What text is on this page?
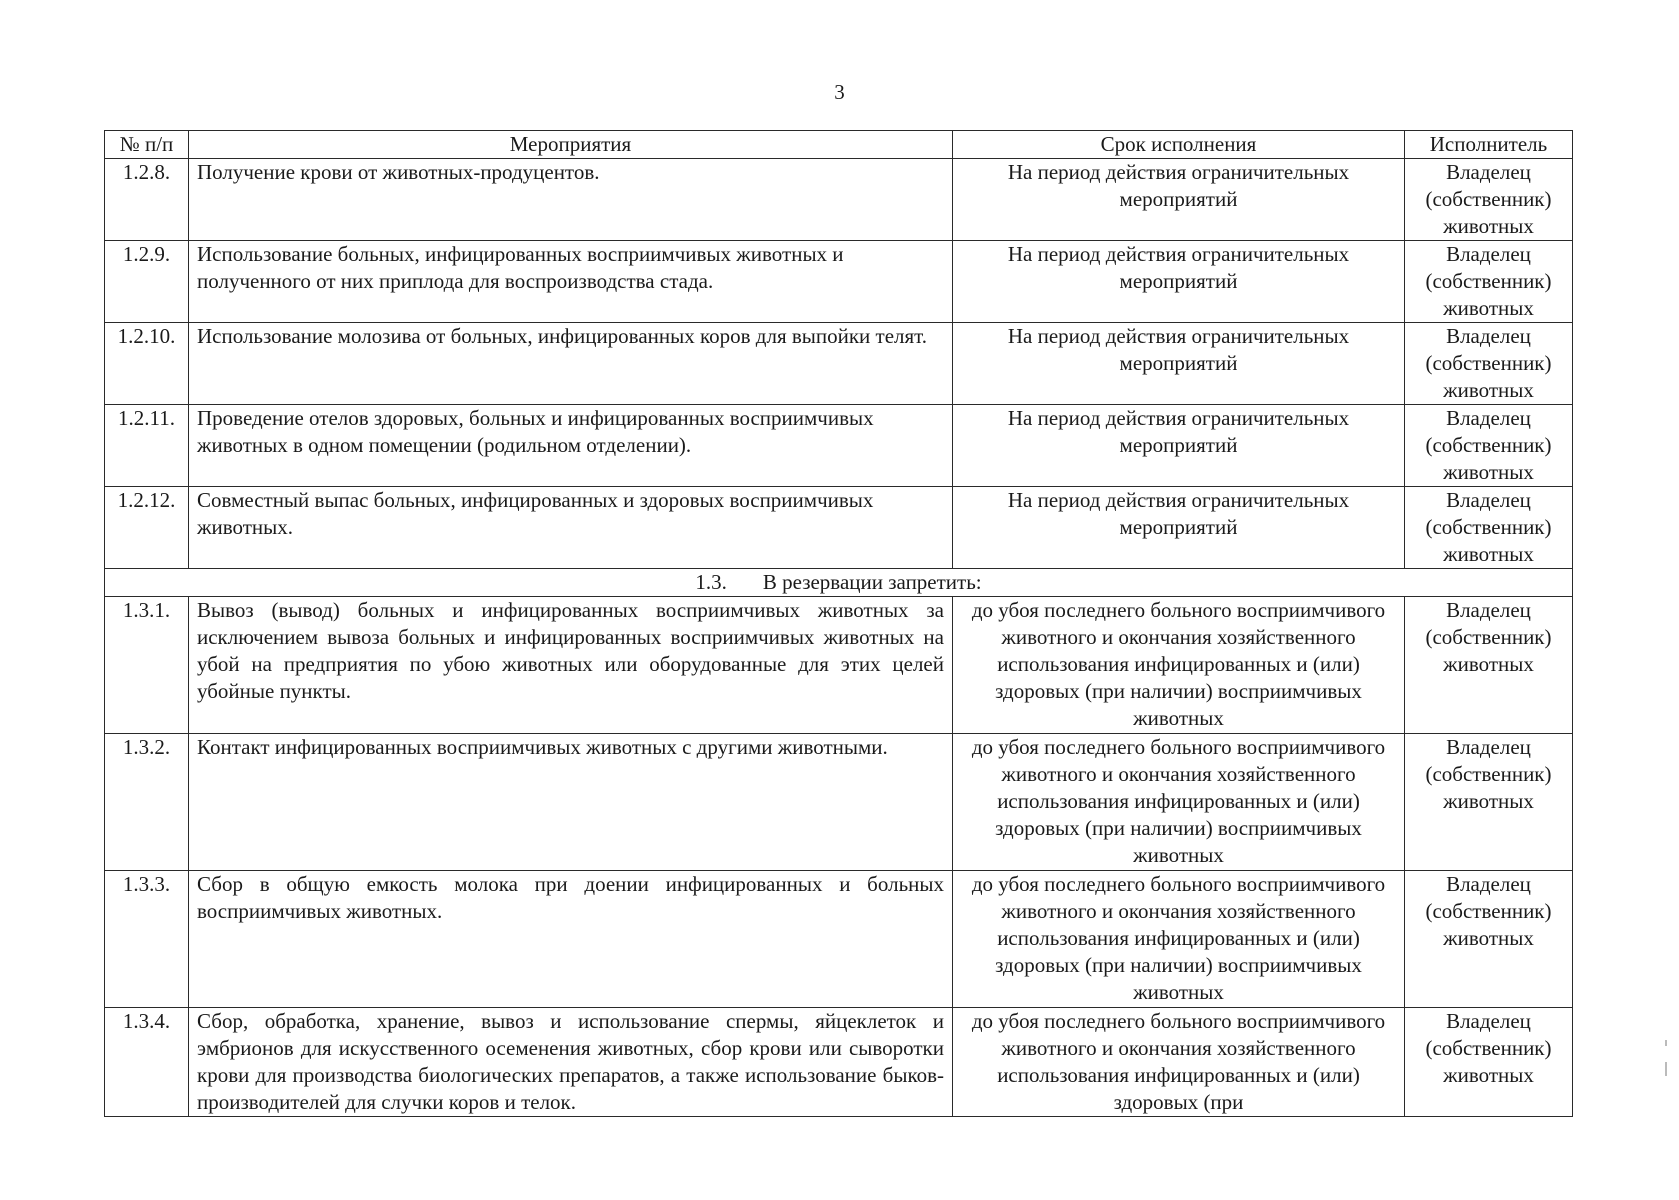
3
№ п/п	Мероприятия	Срок исполнения	Исполнитель
1.2.8.	Получение крови от животных-продуцентов.	На период действия ограничительных мероприятий	Владелец (собственник) животных
1.2.9.	Использование больных, инфицированных восприимчивых животных и полученного от них приплода для воспроизводства стада.	На период действия ограничительных мероприятий	Владелец (собственник) животных
1.2.10.	Использование молозива от больных, инфицированных коров для выпойки телят.	На период действия ограничительных мероприятий	Владелец (собственник) животных
1.2.11.	Проведение отелов здоровых, больных и инфицированных восприимчивых животных в одном помещении (родильном отделении).	На период действия ограничительных мероприятий	Владелец (собственник) животных
1.2.12.	Совместный выпас больных, инфицированных и здоровых восприимчивых животных.	На период действия ограничительных мероприятий	Владелец (собственник) животных
1.3. В резервации запретить:			
1.3.1.	Вывоз (вывод) больных и инфицированных восприимчивых животных за исключением вывоза больных и инфицированных восприимчивых животных на убой на предприятия по убою животных или оборудованные для этих целей убойные пункты.	до убоя последнего больного восприимчивого животного и окончания хозяйственного использования инфицированных и (или) здоровых (при наличии) восприимчивых животных	Владелец (собственник) животных
1.3.2.	Контакт инфицированных восприимчивых животных с другими животными.	до убоя последнего больного восприимчивого животного и окончания хозяйственного использования инфицированных и (или) здоровых (при наличии) восприимчивых животных	Владелец (собственник) животных
1.3.3.	Сбор в общую емкость молока при доении инфицированных и больных восприимчивых животных.	до убоя последнего больного восприимчивого животного и окончания хозяйственного использования инфицированных и (или) здоровых (при наличии) восприимчивых животных	Владелец (собственник) животных
1.3.4.	Сбор, обработка, хранение, вывоз и использование спермы, яйцеклеток и эмбрионов для искусственного осеменения животных, сбор крови или сыворотки крови для производства биологических препаратов, а также использование быков-производителей для случки коров и телок.	до убоя последнего больного восприимчивого животного и окончания хозяйственного использования инфицированных и (или) здоровых (при	Владелец (собственник) животных
